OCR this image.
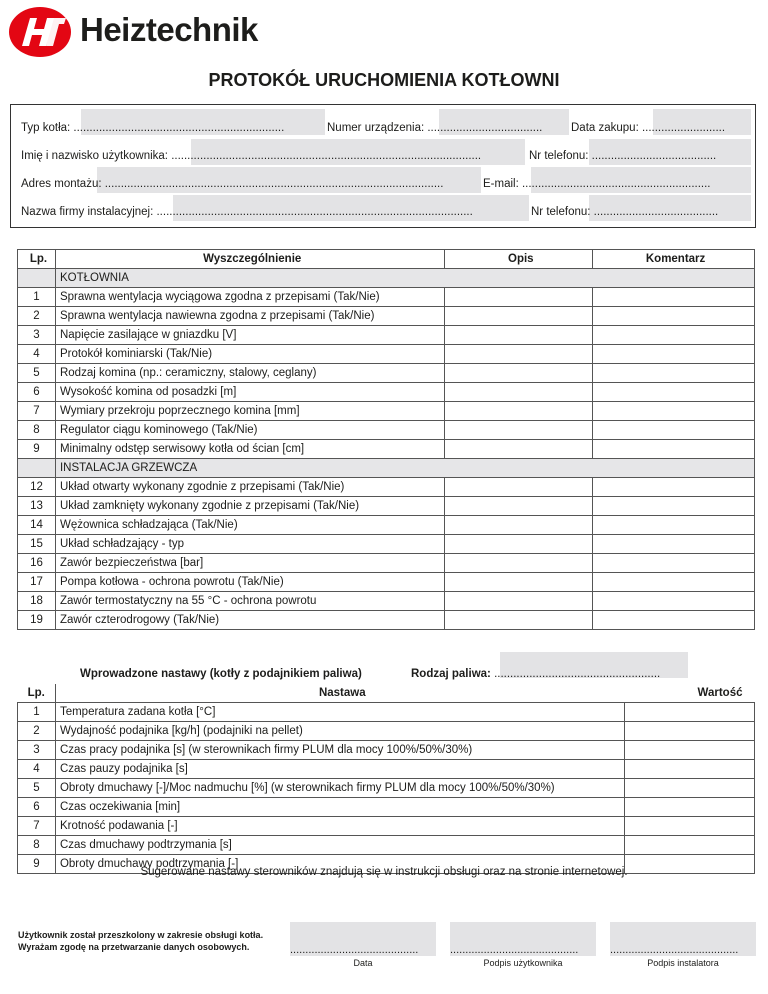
Heiztechnik
PROTOKÓŁ URUCHOMIENIA KOTŁOWNI
Typ kotła: ..................................................................	Numer urządzenia: .................................... Data zakupu: ..........................
Imię i nazwisko użytkownika: .................................................................................................	Nr telefonu: .......................................
Adres montażu: ..........................................................................................................	E-mail: ...........................................................
Nazwa firmy instalacyjnej: ...................................................................................................	Nr telefonu: .......................................
Lp.	Wyszczególnienie	Opis	Komentarz
	KOTŁOWNIA		
1	Sprawna wentylacja wyciągowa zgodna z przepisami (Tak/Nie)		
2	Sprawna wentylacja nawiewna zgodna z przepisami (Tak/Nie)		
3	Napięcie zasilające w gniazdku [V]		
4	Protokół kominiarski (Tak/Nie)		
5	Rodzaj komina (np.: ceramiczny, stalowy, ceglany)		
6	Wysokość komina od posadzki [m]		
7	Wymiary przekroju poprzecznego komina [mm]		
8	Regulator ciągu kominowego (Tak/Nie)		
9	Minimalny odstęp serwisowy kotła od ścian [cm]		
	INSTALACJA GRZEWCZA		
12	Układ otwarty wykonany zgodnie z przepisami (Tak/Nie)		
13	Układ zamknięty wykonany zgodnie z przepisami (Tak/Nie)		
14	Wężownica schładzająca (Tak/Nie)		
15	Układ schładzający - typ		
16	Zawór bezpieczeństwa [bar]		
17	Pompa kotłowa - ochrona powrotu (Tak/Nie)		
18	Zawór termostatyczny na 55 °C - ochrona powrotu		
19	Zawór czterodrogowy (Tak/Nie)		
Wprowadzone nastawy (kotły z podajnikiem paliwa)	Rodzaj paliwa: ....................................................
Lp.	Nastawa	Wartość
1	Temperatura zadana kotła [°C]	
2	Wydajność podajnika [kg/h] (podajniki na pellet)	
3	Czas pracy podajnika [s] (w sterownikach firmy PLUM dla mocy 100%/50%/30%)	
4	Czas pauzy podajnika [s]	
5	Obroty dmuchawy [-]/Moc nadmuchu [%] (w sterownikach firmy PLUM dla mocy 100%/50%/30%)	
6	Czas oczekiwania [min]	
7	Krotność podawania [-]	
8	Czas dmuchawy podtrzymania [s]	
9	Obroty dmuchawy podtrzymania [-]	
Sugerowane nastawy sterowników znajdują się w instrukcji obsługi oraz na stronie internetowej.
Użytkownik został przeszkolony w zakresie obsługi kotła.
Wyrażam zgodę na przetwarzanie danych osobowych.	..........................................	..........................................	..........................................
Data	Podpis użytkownika	Podpis instalatora
